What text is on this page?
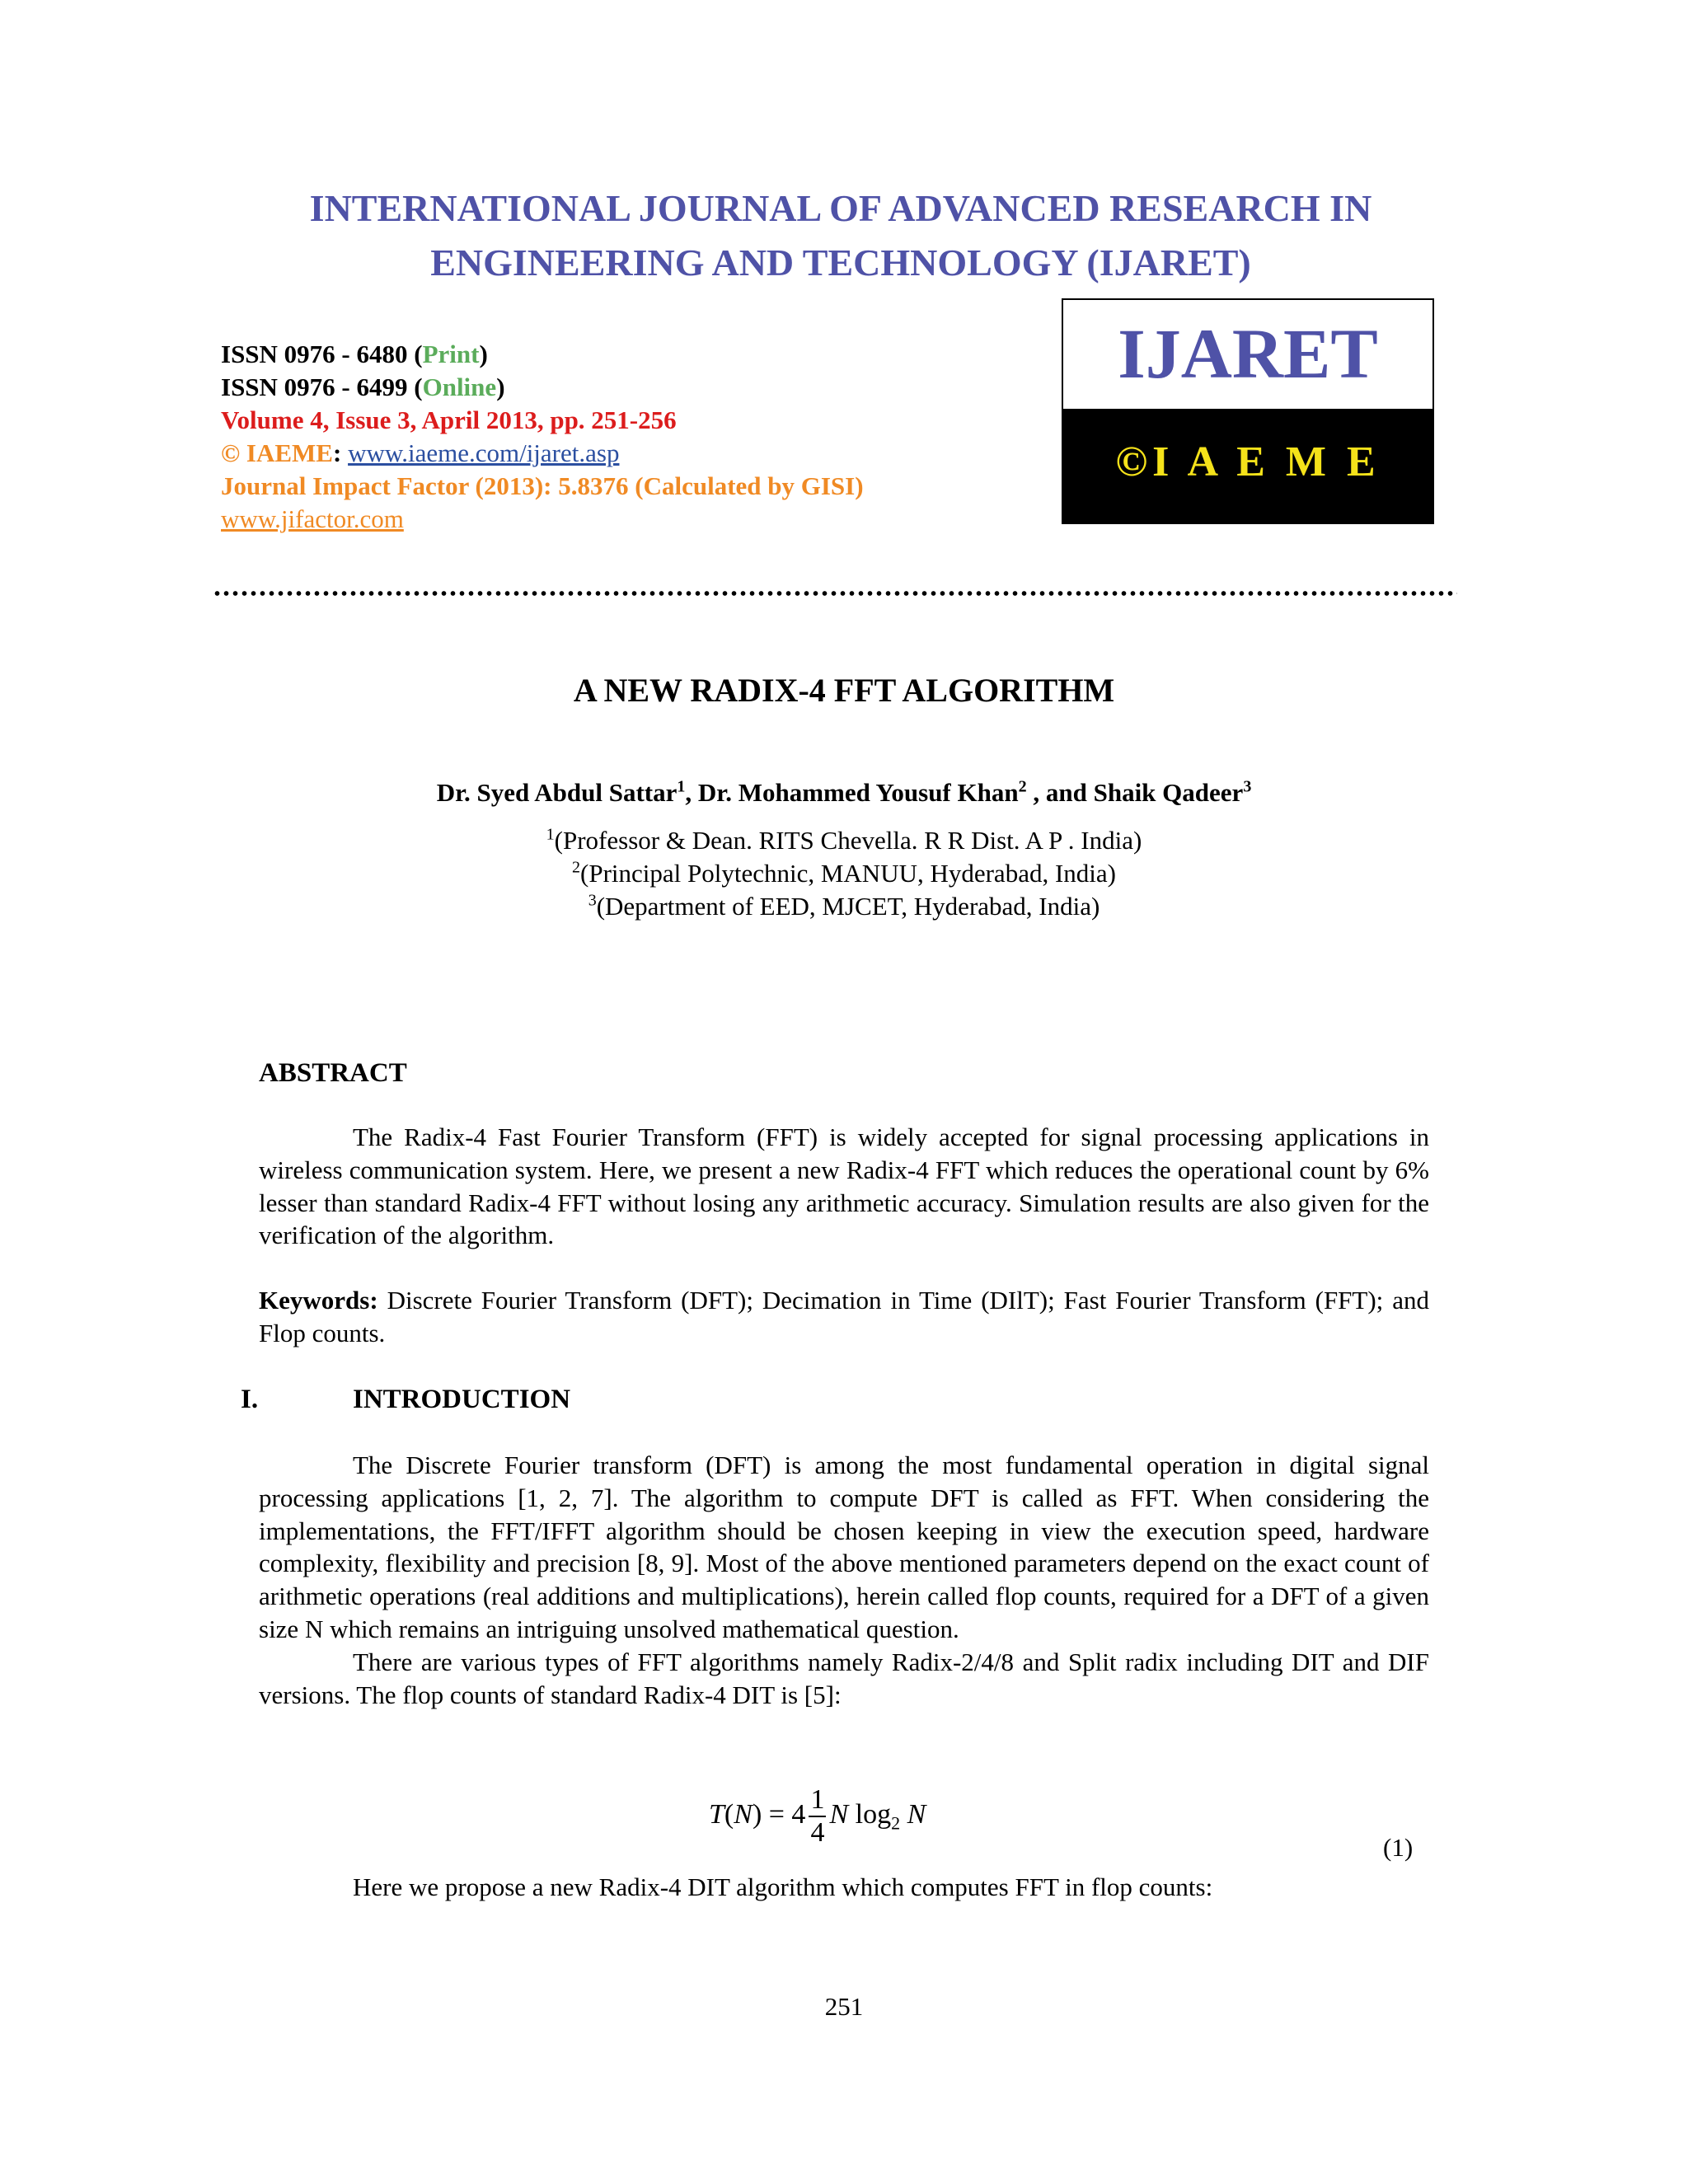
INTERNATIONAL JOURNAL OF ADVANCED RESEARCH IN
ENGINEERING AND TECHNOLOGY (IJARET)
ISSN 0976 - 6480 (Print)
ISSN 0976 - 6499 (Online)
Volume 4, Issue 3, April 2013, pp. 251-256
© IAEME: www.iaeme.com/ijaret.asp
Journal Impact Factor (2013): 5.8376 (Calculated by GISI)
www.jifactor.com
IJARET
©I A E M E
A NEW RADIX-4 FFT ALGORITHM
Dr. Syed Abdul Sattar$^1$, Dr. Mohammed Yousuf Khan$^2$ , and Shaik Qadeer$^3$
$^1$(Professor & Dean. RITS Chevella. R R Dist. A P . India)
$^2$(Principal Polytechnic, MANUU, Hyderabad, India)
$^3$(Department of EED, MJCET, Hyderabad, India)
ABSTRACT
The Radix-4 Fast Fourier Transform (FFT) is widely accepted for signal processing applications in wireless communication system. Here, we present a new Radix-4 FFT which reduces the operational count by 6% lesser than standard Radix-4 FFT without losing any arithmetic accuracy. Simulation results are also given for the verification of the algorithm.
Keywords: Discrete Fourier Transform (DFT); Decimation in Time (DIlT); Fast Fourier Transform (FFT); and Flop counts.
I.	INTRODUCTION
The Discrete Fourier transform (DFT) is among the most fundamental operation in digital signal processing applications [1, 2, 7]. The algorithm to compute DFT is called as FFT. When considering the implementations, the FFT/IFFT algorithm should be chosen keeping in view the execution speed, hardware complexity, flexibility and precision [8, 9]. Most of the above mentioned parameters depend on the exact count of arithmetic operations (real additions and multiplications), herein called flop counts, required for a DFT of a given size N which remains an intriguing unsolved mathematical question.
There are various types of FFT algorithms namely Radix-2/4/8 and Split radix including DIT and DIF versions. The flop counts of standard Radix-4 DIT is [5]:
$T(N) = 4 \frac{1}{4}$ N $\log_2 N$
(1)
Here we propose a new Radix-4 DIT algorithm which computes FFT in flop counts:
251
